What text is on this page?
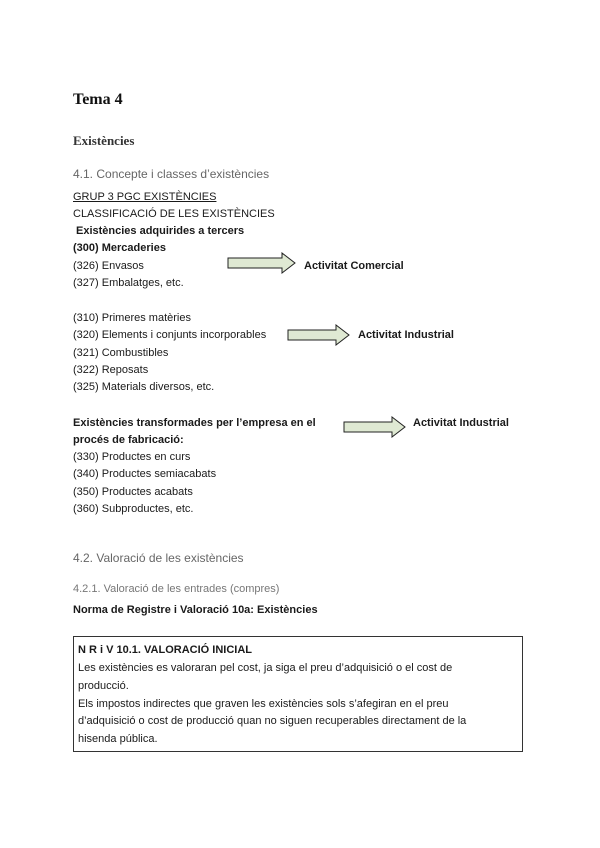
Tema 4
Existències
4.1. Concepte i classes d’existències
GRUP 3 PGC EXISTÈNCIES
CLASSIFICACIÓ DE LES EXISTÈNCIES
Existències adquirides a tercers
(300) Mercaderies
(326) Envasos
(327) Embalatges, etc.
Activitat Comercial
(310) Primeres matèries
(320) Elements i conjunts incorporables
(321) Combustibles
(322) Reposats
(325) Materials diversos, etc.
Activitat Industrial
Existències transformades per l’empresa en el
procés de fabricació:
(330) Productes en curs
(340) Productes semiacabats
(350) Productes acabats
(360) Subproductes, etc.
Activitat Industrial
4.2. Valoració de les existències
4.2.1. Valoració de les entrades (compres)
Norma de Registre i Valoració 10a: Existències
N R i V 10.1. VALORACIÓ INICIAL
Les existències es valoraran pel cost, ja siga el preu d’adquisició o el cost de
producció.
Els impostos indirectes que graven les existències sols s’afegiran en el preu
d’adquisició o cost de producció quan no siguen recuperables directament de la
hisenda pública.
